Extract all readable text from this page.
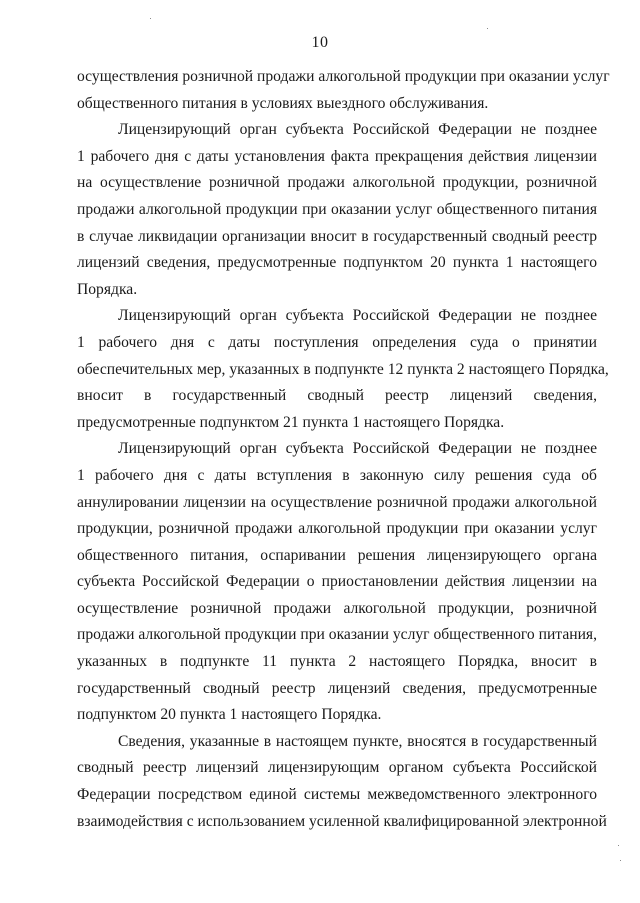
10

осуществления розничной продажи алкогольной продукции при оказании услуг
общественного питания в условиях выездного обслуживания.

Лицензирующий орган субъекта Российской Федерации не позднее
1 рабочего дня с даты установления факта прекращения действия лицензии
на осуществление розничной продажи алкогольной продукции, розничной
продажи алкогольной продукции при оказании услуг общественного питания
в случае ликвидации организации вносит в государственный сводный реестр
лицензий сведения, предусмотренные подпунктом 20 пункта 1 настоящего
Порядка.

Лицензирующий орган субъекта Российской Федерации не позднее
1 рабочего дня с даты поступления определения суда о принятии
обеспечительных мер, указанных в подпункте 12 пункта 2 настоящего Порядка,
вносит в государственный сводный реестр лицензий сведения,
предусмотренные подпунктом 21 пункта 1 настоящего Порядка.

Лицензирующий орган субъекта Российской Федерации не позднее
1 рабочего дня с даты вступления в законную силу решения суда об
аннулировании лицензии на осуществление розничной продажи алкогольной
продукции, розничной продажи алкогольной продукции при оказании услуг
общественного питания, оспаривании решения лицензирующего органа
субъекта Российской Федерации о приостановлении действия лицензии на
осуществление розничной продажи алкогольной продукции, розничной
продажи алкогольной продукции при оказании услуг общественного питания,
указанных в подпункте 11 пункта 2 настоящего Порядка, вносит в
государственный сводный реестр лицензий сведения, предусмотренные
подпунктом 20 пункта 1 настоящего Порядка.

Сведения, указанные в настоящем пункте, вносятся в государственный
сводный реестр лицензий лицензирующим органом субъекта Российской
Федерации посредством единой системы межведомственного электронного
взаимодействия с использованием усиленной квалифицированной электронной
